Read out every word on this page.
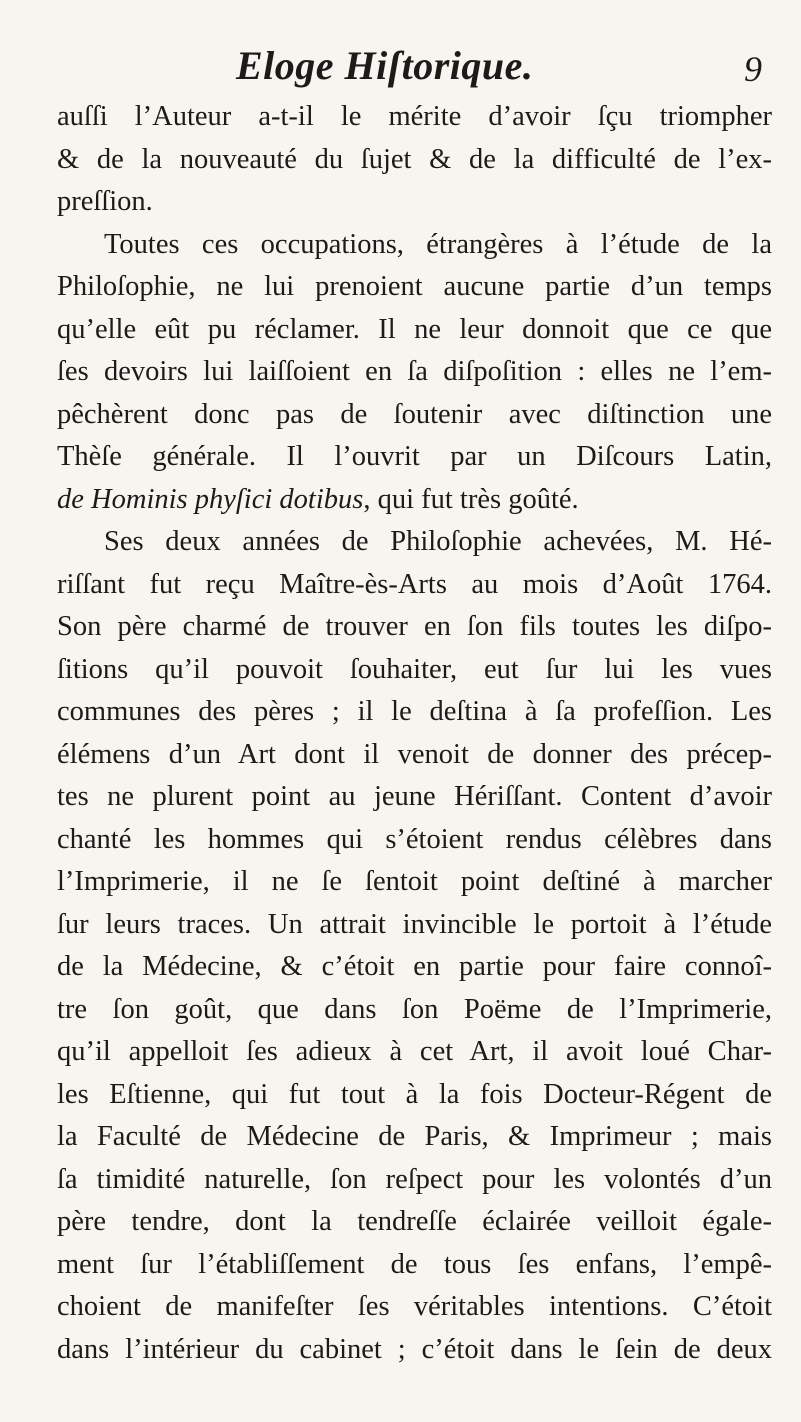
Eloge Hiſtorique.	9
auſſi l’Auteur a-t-il le mérite d’avoir ſçu triompher
& de la nouveauté du ſujet & de la difficulté de l’ex-
preſſion.
Toutes ces occupations, étrangères à l’étude de la
Philoſophie, ne lui prenoient aucune partie d’un temps
qu’elle eût pu réclamer. Il ne leur donnoit que ce que
ſes devoirs lui laiſſoient en ſa diſpoſition : elles ne l’em-
pêchèrent donc pas de ſoutenir avec diſtinction une
Thèſe générale. Il l’ouvrit par un Diſcours Latin,
de Hominis phyſici dotibus, qui fut très goûté.
Ses deux années de Philoſophie achevées, M. Hé-
riſſant fut reçu Maître-ès-Arts au mois d’Août 1764.
Son père charmé de trouver en ſon fils toutes les diſpo-
ſitions qu’il pouvoit ſouhaiter, eut ſur lui les vues
communes des pères ; il le deſtina à ſa profeſſion. Les
élémens d’un Art dont il venoit de donner des précep-
tes ne plurent point au jeune Hériſſant. Content d’avoir
chanté les hommes qui s’étoient rendus célèbres dans
l’Imprimerie, il ne ſe ſentoit point deſtiné à marcher
ſur leurs traces. Un attrait invincible le portoit à l’étude
de la Médecine, & c’étoit en partie pour faire connoî-
tre ſon goût, que dans ſon Poëme de l’Imprimerie,
qu’il appelloit ſes adieux à cet Art, il avoit loué Char-
les Eſtienne, qui fut tout à la fois Docteur-Régent de
la Faculté de Médecine de Paris, & Imprimeur ; mais
ſa timidité naturelle, ſon reſpect pour les volontés d’un
père tendre, dont la tendreſſe éclairée veilloit égale-
ment ſur l’établiſſement de tous ſes enfans, l’empê-
choient de manifeſter ſes véritables intentions. C’étoit
dans l’intérieur du cabinet ; c’étoit dans le ſein de deux
